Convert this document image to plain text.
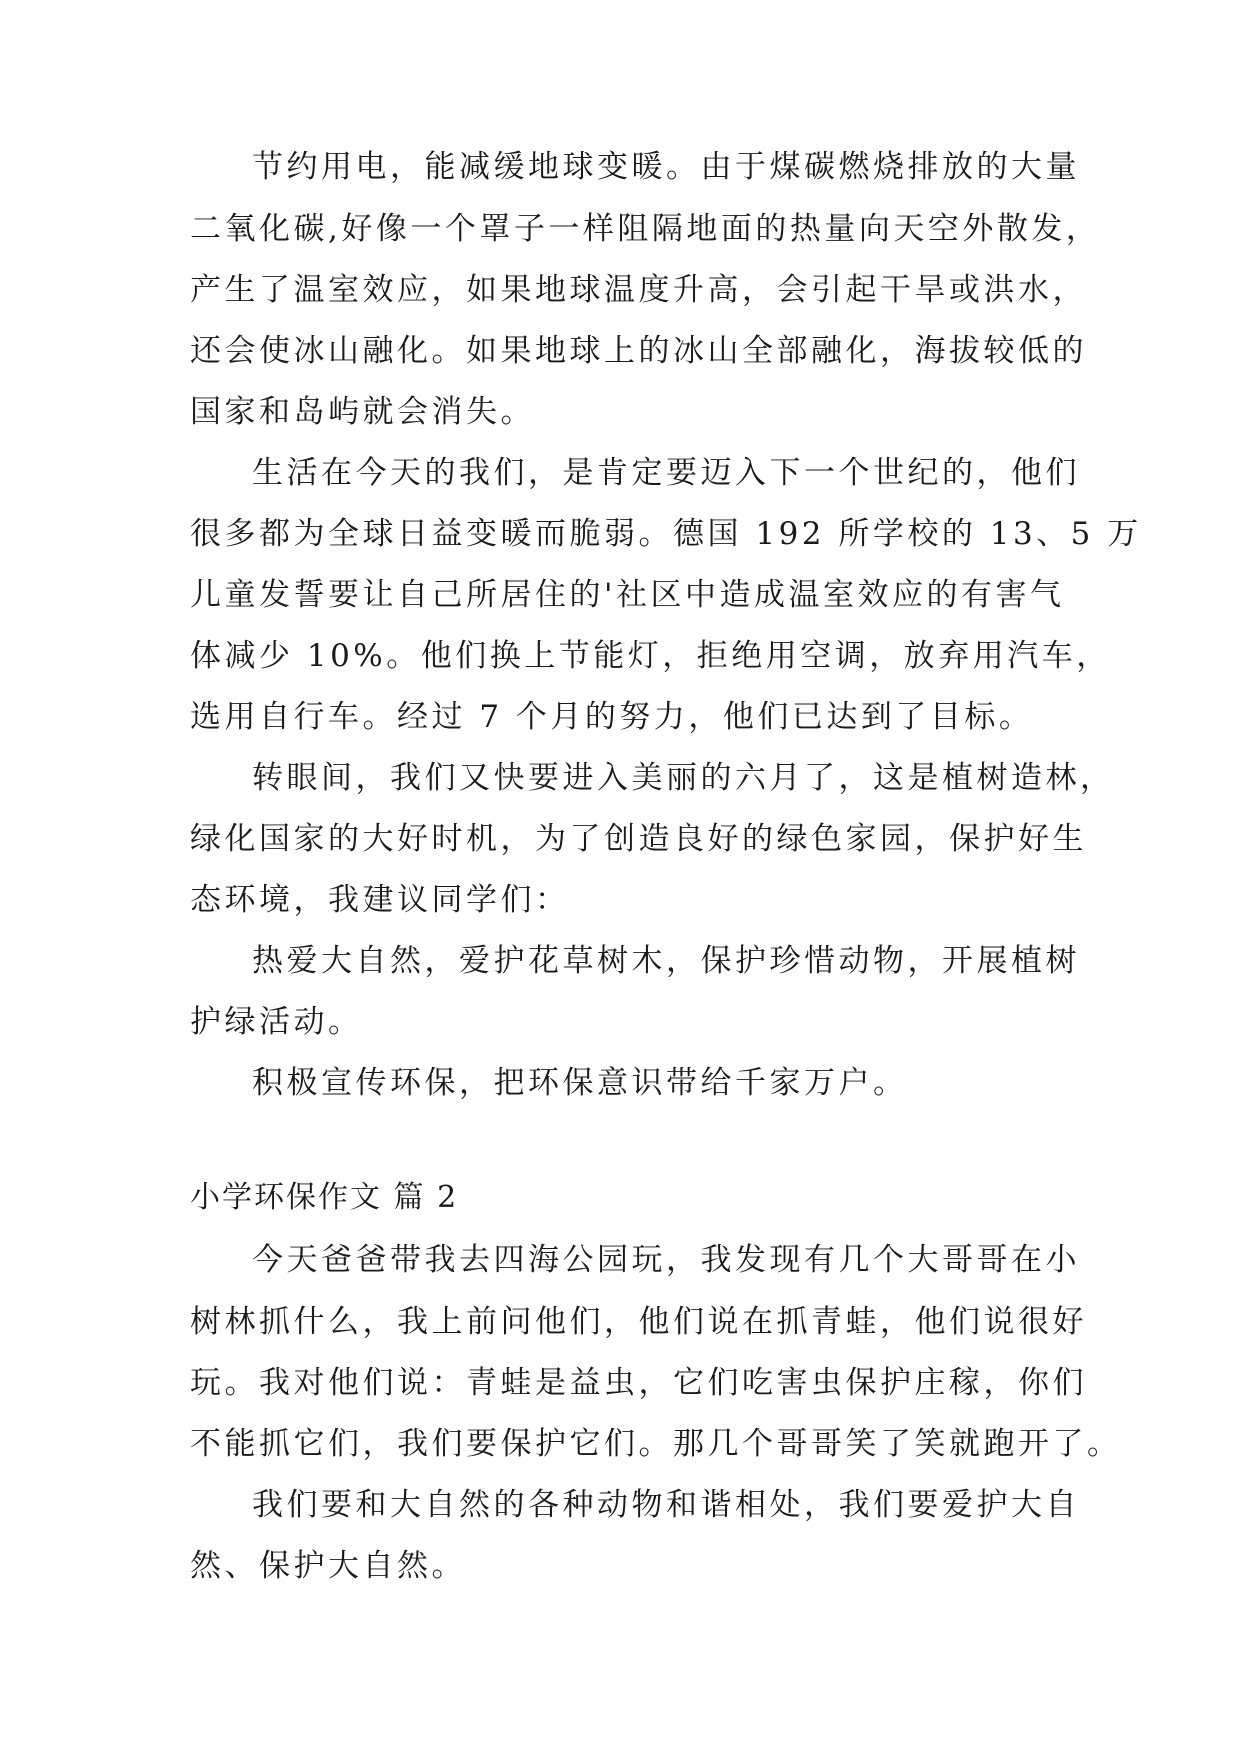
节约用电，能减缓地球变暖。由于煤碳燃烧排放的大量

二氧化碳,好像一个罩子一样阻隔地面的热量向天空外散发，

产生了温室效应，如果地球温度升高，会引起干旱或洪水，

还会使冰山融化。如果地球上的冰山全部融化，海拔较低的

国家和岛屿就会消失。

生活在今天的我们，是肯定要迈入下一个世纪的，他们

很多都为全球日益变暖而脆弱。德国 192 所学校的 13、5 万

儿童发誓要让自己所居住的'社区中造成温室效应的有害气

体减少 10%。他们换上节能灯，拒绝用空调，放弃用汽车，

选用自行车。经过 7 个月的努力，他们已达到了目标。

转眼间，我们又快要进入美丽的六月了，这是植树造林，

绿化国家的大好时机，为了创造良好的绿色家园，保护好生

态环境，我建议同学们：

热爱大自然，爱护花草树木，保护珍惜动物，开展植树

护绿活动。

积极宣传环保，把环保意识带给千家万户。

小学环保作文 篇 2

今天爸爸带我去四海公园玩，我发现有几个大哥哥在小

树林抓什么，我上前问他们，他们说在抓青蛙，他们说很好

玩。我对他们说：青蛙是益虫，它们吃害虫保护庄稼，你们

不能抓它们，我们要保护它们。那几个哥哥笑了笑就跑开了。

我们要和大自然的各种动物和谐相处，我们要爱护大自

然、保护大自然。
